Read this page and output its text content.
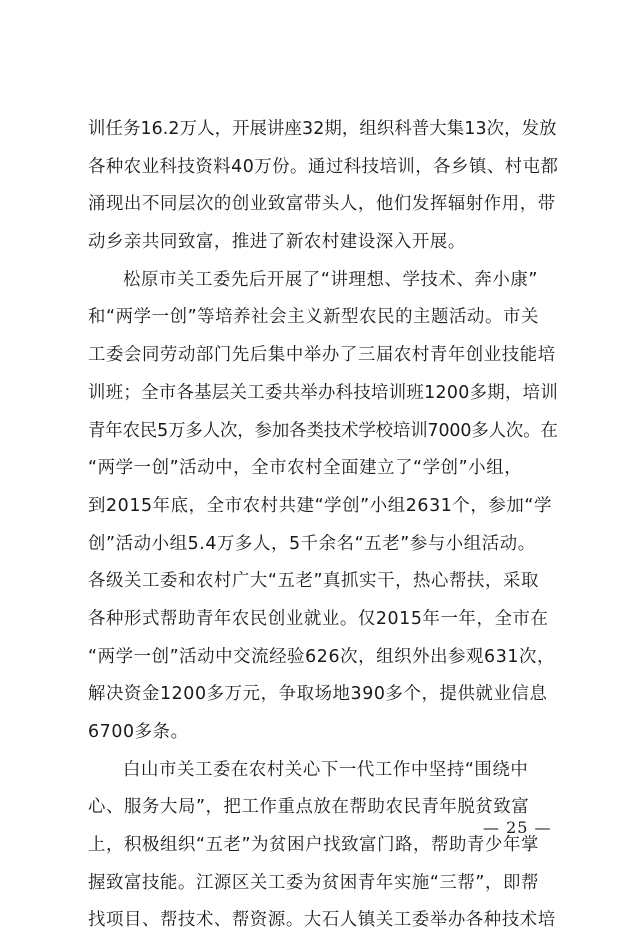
训任务16.2万人，开展讲座32期，组织科普大集13次，发放
各种农业科技资料40万份。通过科技培训，各乡镇、村屯都
涌现出不同层次的创业致富带头人，他们发挥辐射作用，带
动乡亲共同致富，推进了新农村建设深入开展。
松原市关工委先后开展了“讲理想、学技术、奔小康”
和“两学一创”等培养社会主义新型农民的主题活动。市关
工委会同劳动部门先后集中举办了三届农村青年创业技能培
训班；全市各基层关工委共举办科技培训班1200多期，培训
青年农民5万多人次，参加各类技术学校培训7000多人次。在
“两学一创”活动中，全市农村全面建立了“学创”小组，
到2015年底，全市农村共建“学创”小组2631个，参加“学
创”活动小组5.4万多人，5千余名“五老”参与小组活动。
各级关工委和农村广大“五老”真抓实干，热心帮扶，采取
各种形式帮助青年农民创业就业。仅2015年一年，全市在
“两学一创”活动中交流经验626次，组织外出参观631次，
解决资金1200多万元，争取场地390多个，提供就业信息
6700多条。
白山市关工委在农村关心下一代工作中坚持“围绕中
心、服务大局”，把工作重点放在帮助农民青年脱贫致富
上，积极组织“五老”为贫困户找致富门路，帮助青少年掌
握致富技能。江源区关工委为贫困青年实施“三帮”，即帮
找项目、帮技术、帮资源。大石人镇关工委举办各种技术培
— 25 —
